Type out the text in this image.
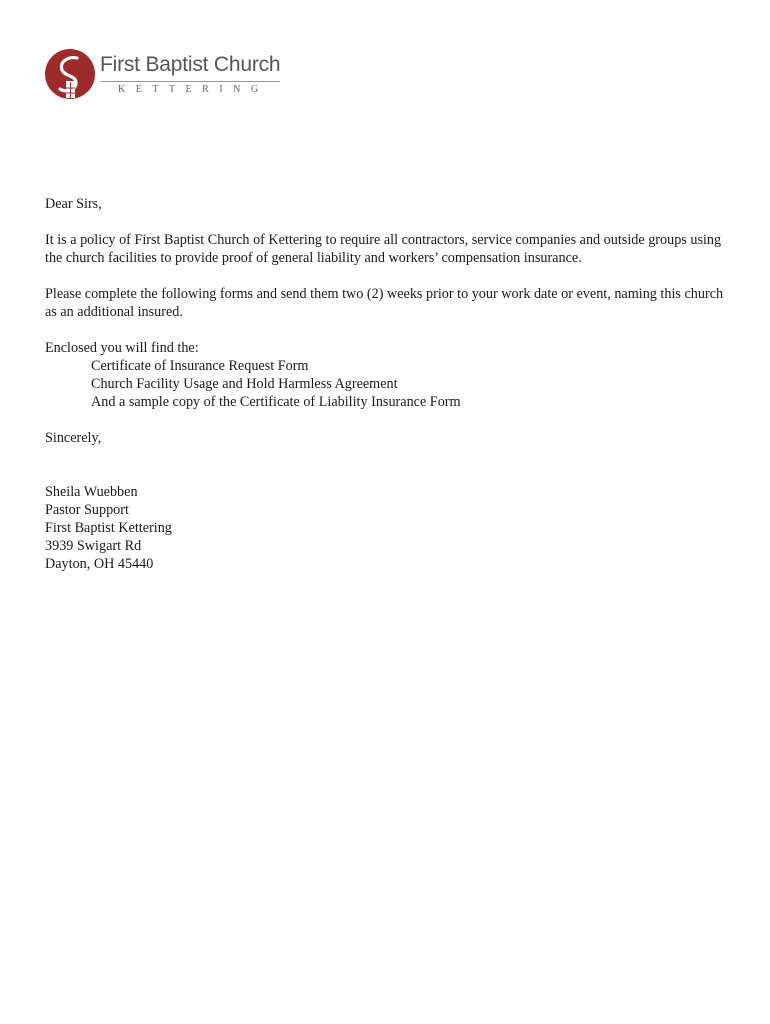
First Baptist Church
KETTERING

Dear Sirs,

It is a policy of First Baptist Church of Kettering to require all contractors, service companies and outside groups using the church facilities to provide proof of general liability and workers’ compensation insurance.

Please complete the following forms and send them two (2) weeks prior to your work date or event, naming this church as an additional insured.

Enclosed you will find the:

Certificate of Insurance Request Form

Church Facility Usage and Hold Harmless Agreement

And a sample copy of the Certificate of Liability Insurance Form

Sincerely,

Sheila Wuebben

Pastor Support

First Baptist Kettering

3939 Swigart Rd

Dayton, OH 45440
